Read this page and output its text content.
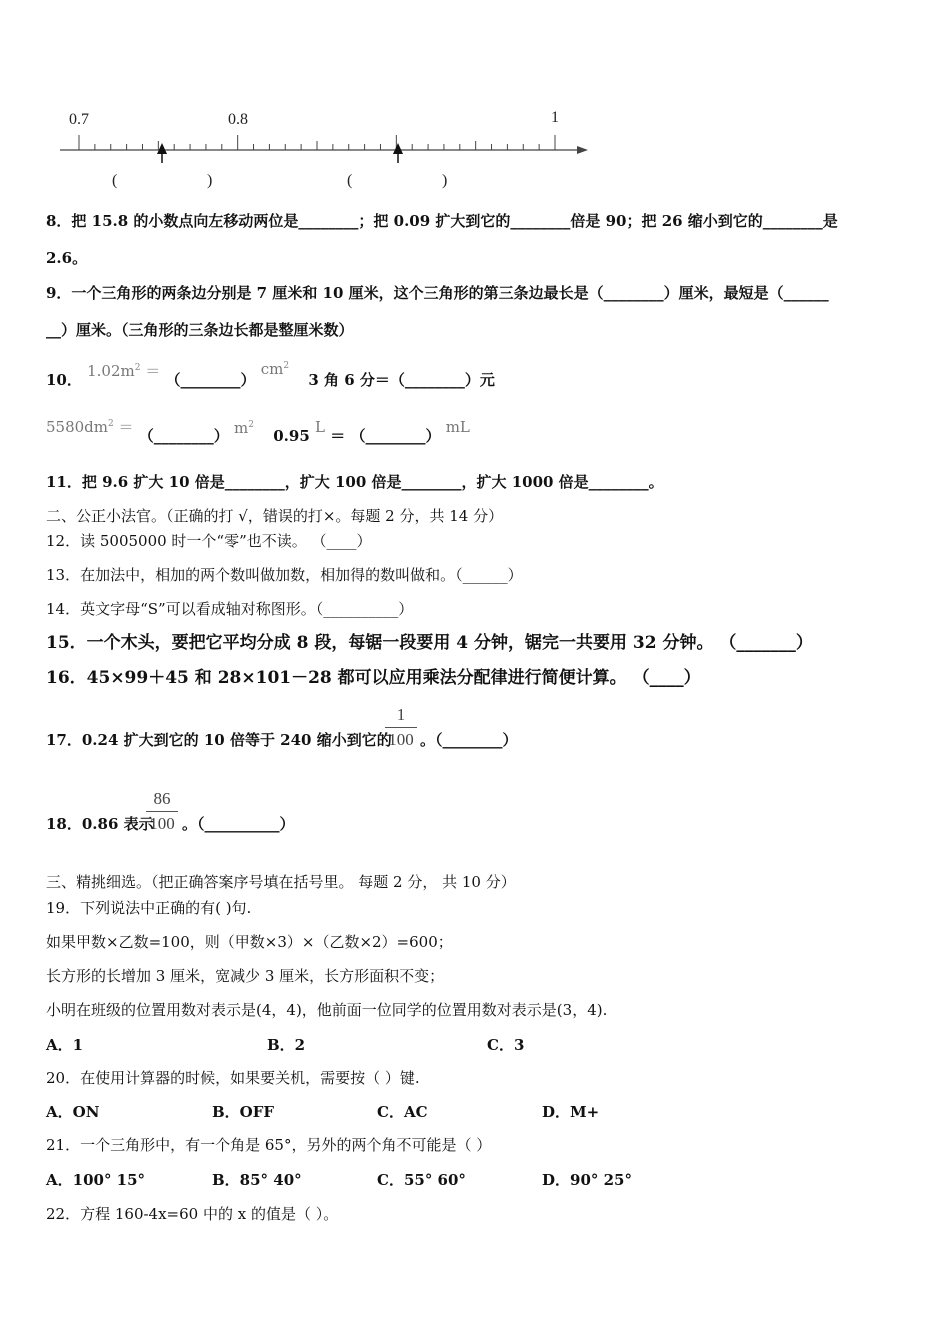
0.7	0.8	1
(	)	(	)
8．把 15.8 的小数点向左移动两位是________；把 0.09 扩大到它的________倍是 90；把 26 缩小到它的________是
2.6。
9．一个三角形的两条边分别是 7 厘米和 10 厘米，这个三角形的第三条边最长是（________）厘米，最短是（______
__）厘米。（三角形的三条边长都是整厘米数）
10． $1.02m^2$ ＝ （________） $cm^2$ 3 角 6 分＝（________）元
$5580dm^2$ ＝ （________） $m^2$ 0.95 L ＝ （________） mL
11．把 9.6 扩大 10 倍是________，扩大 100 倍是________，扩大 1000 倍是________。
二、公正小法官。（正确的打 √，错误的打×。每题 2 分，共 14 分）
12．读 5005000 时一个“零”也不读。 （____）
13．在加法中，相加的两个数叫做加数，相加得的数叫做和。（______）
14．英文字母“S”可以看成轴对称图形。（__________）
15．一个木头，要把它平均分成 8 段，每锯一段要用 4 分钟，锯完一共要用 32 分钟。 （_______）
16．45×99＋45 和 28×101－28 都可以应用乘法分配律进行简便计算。 （____）
17．0.24 扩大到它的 10 倍等于 240 缩小到它的
1
100 。（________）
18．0.86 表示
86
100 。（__________）
三、精挑细选。（把正确答案序号填在括号里。 每题 2 分， 共 10 分）
19．下列说法中正确的有( )句.
如果甲数×乙数=100，则（甲数×3）×（乙数×2）=600；
长方形的长增加 3 厘米，宽减少 3 厘米，长方形面积不变；
小明在班级的位置用数对表示是(4，4)，他前面一位同学的位置用数对表示是(3，4).
A．1	B．2	C．3
20．在使用计算器的时候，如果要关机，需要按（ ）键.
A．ON	B．OFF	C．AC	D．M+
21．一个三角形中，有一个角是 65°，另外的两个角不可能是（ ）
A．100° 15°	B．85° 40°	C．55° 60°	D．90° 25°
22．方程 160-4x=60 中的 x 的值是（ ）。
